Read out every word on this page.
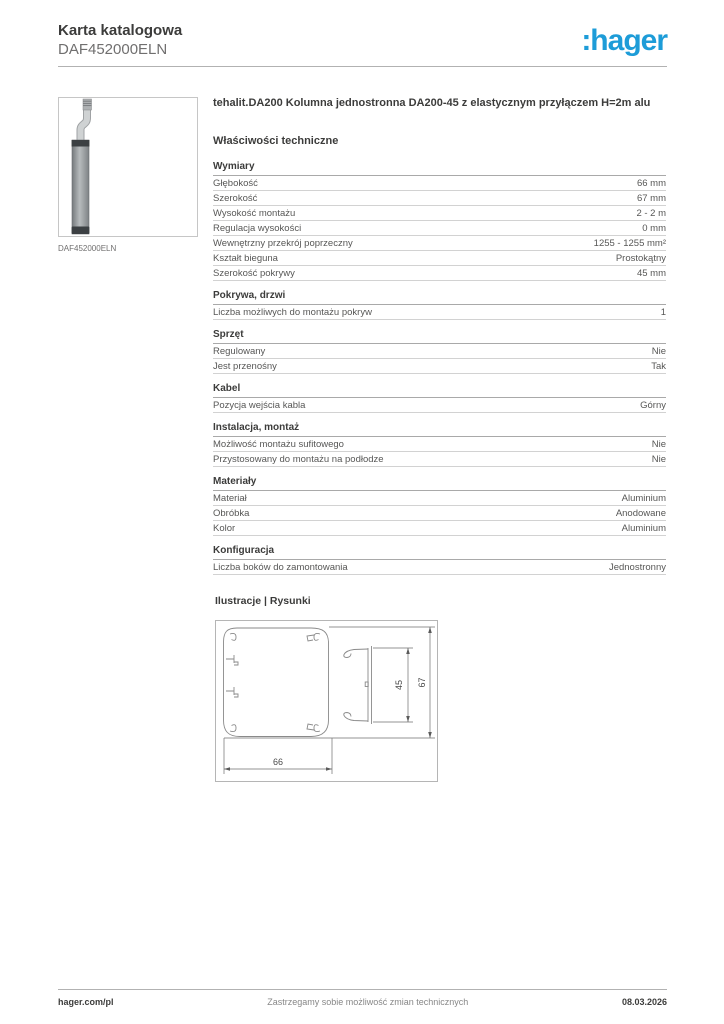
Karta katalogowa
DAF452000ELN	:hager
DAF452000ELN
tehalit.DA200 Kolumna jednostronna DA200-45 z elastycznym przyłączem H=2m alu
Właściwości techniczne
Wymiary
Głębokość	66 mm
Szerokość	67 mm
Wysokość montażu	2 - 2 m
Regulacja wysokości	0 mm
Wewnętrzny przekrój poprzeczny	1255 - 1255 mm²
Kształt bieguna	Prostokątny
Szerokość pokrywy	45 mm
Pokrywa, drzwi
Liczba możliwych do montażu pokryw	1
Sprzęt
Regulowany	Nie
Jest przenośny	Tak
Kabel
Pozycja wejścia kabla	Górny
Instalacja, montaż
Możliwość montażu sufitowego	Nie
Przystosowany do montażu na podłodze	Nie
Materiały
Materiał	Aluminium
Obróbka	Anodowane
Kolor	Aluminium
Konfiguracja
Liczba boków do zamontowania	Jednostronny
Ilustracje | Rysunki
66
45 67
hager.com/pl	Zastrzegamy sobie możliwość zmian technicznych	08.03.2026
